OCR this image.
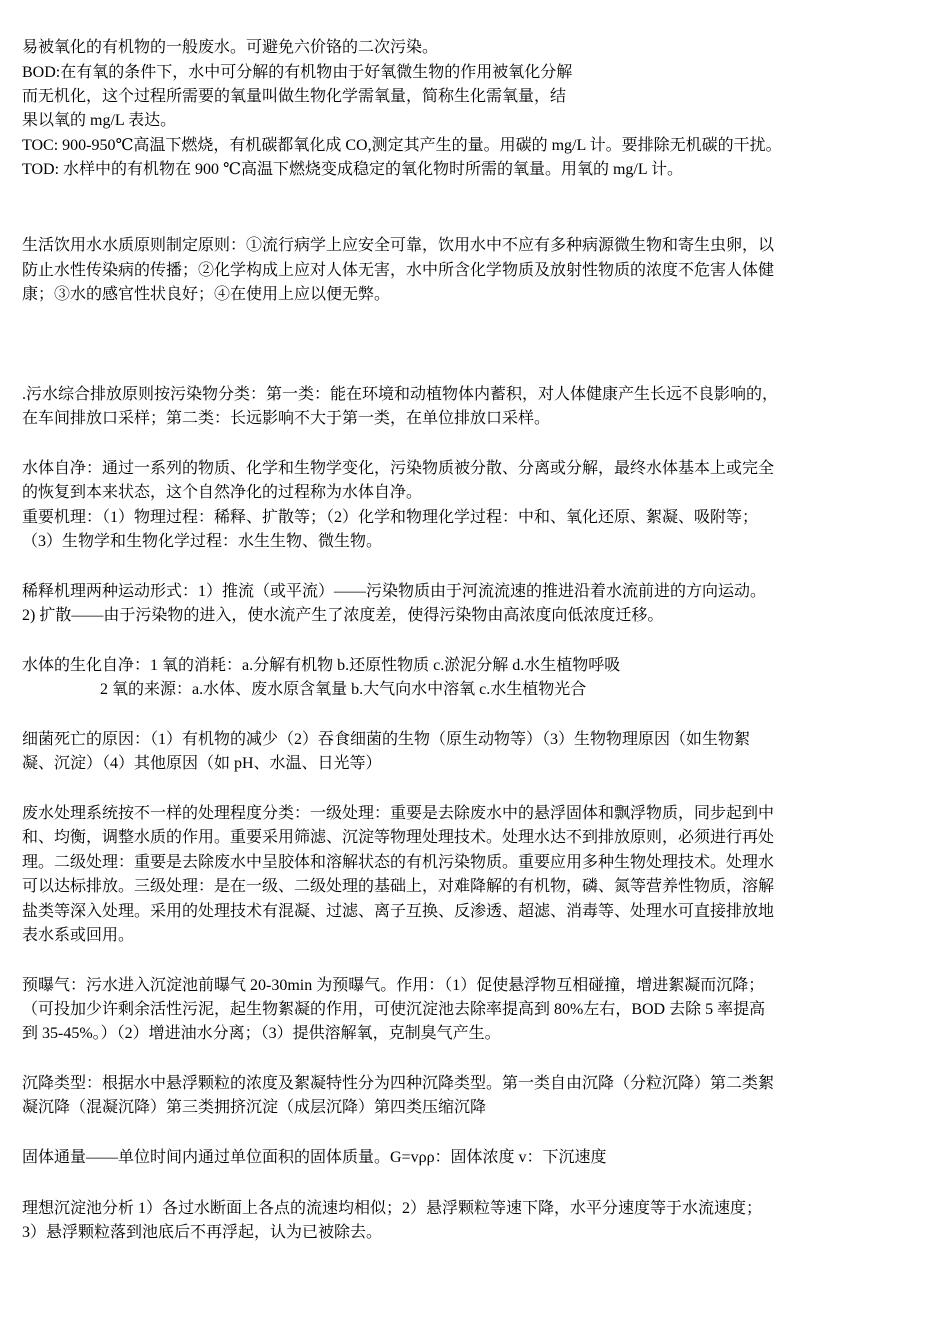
易被氧化的有机物的一般废水。可避免六价铬的二次污染。
BOD:在有氧的条件下，水中可分解的有机物由于好氧微生物的作用被氧化分解
而无机化，这个过程所需要的氧量叫做生物化学需氧量，简称生化需氧量，结
果以氧的 mg/L 表达。
TOC: 900-950℃高温下燃烧，有机碳都氧化成 CO,测定其产生的量。用碳的 mg/L 计。要排除无机碳的干扰。
TOD: 水样中的有机物在 900 ℃高温下燃烧变成稳定的氧化物时所需的氧量。用氧的 mg/L 计。
生活饮用水水质原则制定原则：①流行病学上应安全可靠，饮用水中不应有多种病源微生物和寄生虫卵，以
防止水性传染病的传播；②化学构成上应对人体无害，水中所含化学物质及放射性物质的浓度不危害人体健
康；③水的感官性状良好；④在使用上应以便无弊。
.污水综合排放原则按污染物分类：第一类：能在环境和动植物体内蓄积，对人体健康产生长远不良影响的，
在车间排放口采样；第二类：长远影响不大于第一类，在单位排放口采样。
水体自净：通过一系列的物质、化学和生物学变化，污染物质被分散、分离或分解，最终水体基本上或完全
的恢复到本来状态，这个自然净化的过程称为水体自净。
重要机理：（1）物理过程：稀释、扩散等；（2）化学和物理化学过程：中和、氧化还原、絮凝、吸附等；
（3）生物学和生物化学过程：水生生物、微生物。
稀释机理两种运动形式：1）推流（或平流）——污染物质由于河流流速的推进沿着水流前进的方向运动。
2) 扩散——由于污染物的进入，使水流产生了浓度差，使得污染物由高浓度向低浓度迁移。
水体的生化自净：1 氧的消耗：a.分解有机物 b.还原性物质 c.淤泥分解 d.水生植物呼吸
2 氧的来源：a.水体、废水原含氧量 b.大气向水中溶氧 c.水生植物光合
细菌死亡的原因：（1）有机物的减少（2）吞食细菌的生物（原生动物等）（3）生物物理原因（如生物絮
凝、沉淀）（4）其他原因（如 pH、水温、日光等）
废水处理系统按不一样的处理程度分类：一级处理：重要是去除废水中的悬浮固体和飘浮物质，同步起到中
和、均衡，调整水质的作用。重要采用筛滤、沉淀等物理处理技术。处理水达不到排放原则，必须进行再处
理。二级处理：重要是去除废水中呈胶体和溶解状态的有机污染物质。重要应用多种生物处理技术。处理水
可以达标排放。三级处理：是在一级、二级处理的基础上，对难降解的有机物，磷、氮等营养性物质，溶解
盐类等深入处理。采用的处理技术有混凝、过滤、离子互换、反渗透、超滤、消毒等、处理水可直接排放地
表水系或回用。
预曝气：污水进入沉淀池前曝气 20-30min 为预曝气。作用：（1）促使悬浮物互相碰撞，增进絮凝而沉降；
（可投加少许剩余活性污泥，起生物絮凝的作用，可使沉淀池去除率提高到 80%左右，BOD 去除 5 率提高
到 35-45%。）（2）增进油水分离；（3）提供溶解氧，克制臭气产生。
沉降类型：根据水中悬浮颗粒的浓度及絮凝特性分为四种沉降类型。第一类自由沉降（分粒沉降）第二类絮
凝沉降（混凝沉降）第三类拥挤沉淀（成层沉降）第四类压缩沉降
固体通量——单位时间内通过单位面积的固体质量。G=vρρ：固体浓度 v：下沉速度
理想沉淀池分析 1）各过水断面上各点的流速均相似；2）悬浮颗粒等速下降，水平分速度等于水流速度；
3）悬浮颗粒落到池底后不再浮起，认为已被除去。
